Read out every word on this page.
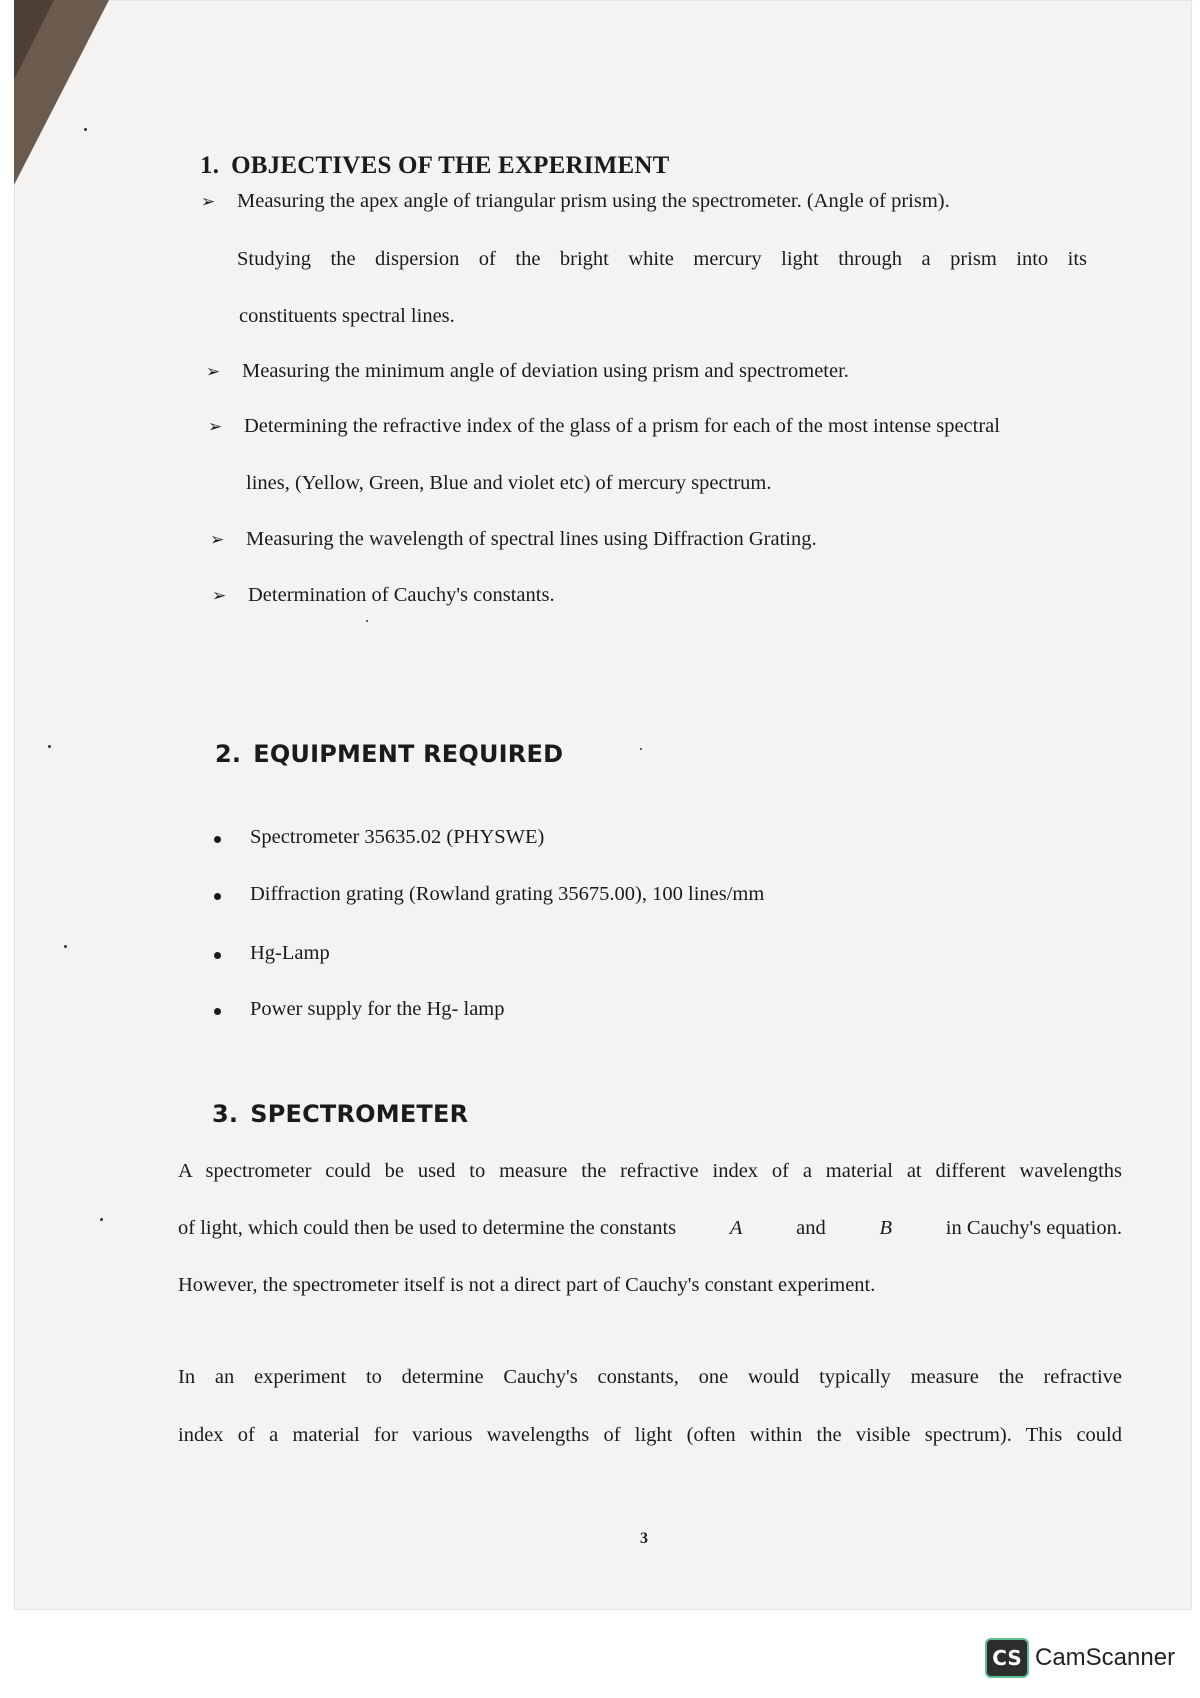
1. OBJECTIVES OF THE EXPERIMENT
➢ Measuring the apex angle of triangular prism using the spectrometer. (Angle of prism).
Studying the dispersion of the bright white mercury light through a prism into its
constituents spectral lines.
➢ Measuring the minimum angle of deviation using prism and spectrometer.
➢ Determining the refractive index of the glass of a prism for each of the most intense spectral
lines, (Yellow, Green, Blue and violet etc) of mercury spectrum.
➢ Measuring the wavelength of spectral lines using Diffraction Grating.
➢ Determination of Cauchy's constants.
2. EQUIPMENT REQUIRED
Spectrometer 35635.02 (PHYSWE)
Diffraction grating (Rowland grating 35675.00), 100 lines/mm
Hg-Lamp
Power supply for the Hg- lamp
3. SPECTROMETER
A spectrometer could be used to measure the refractive index of a material at different wavelengths
of light, which could then be used to determine the constants	A	and	B	in Cauchy's equation.
However, the spectrometer itself is not a direct part of Cauchy's constant experiment.
In an experiment to determine Cauchy's constants, one would typically measure the refractive
index of a material for various wavelengths of light (often within the visible spectrum). This could
3
CS CamScanner
